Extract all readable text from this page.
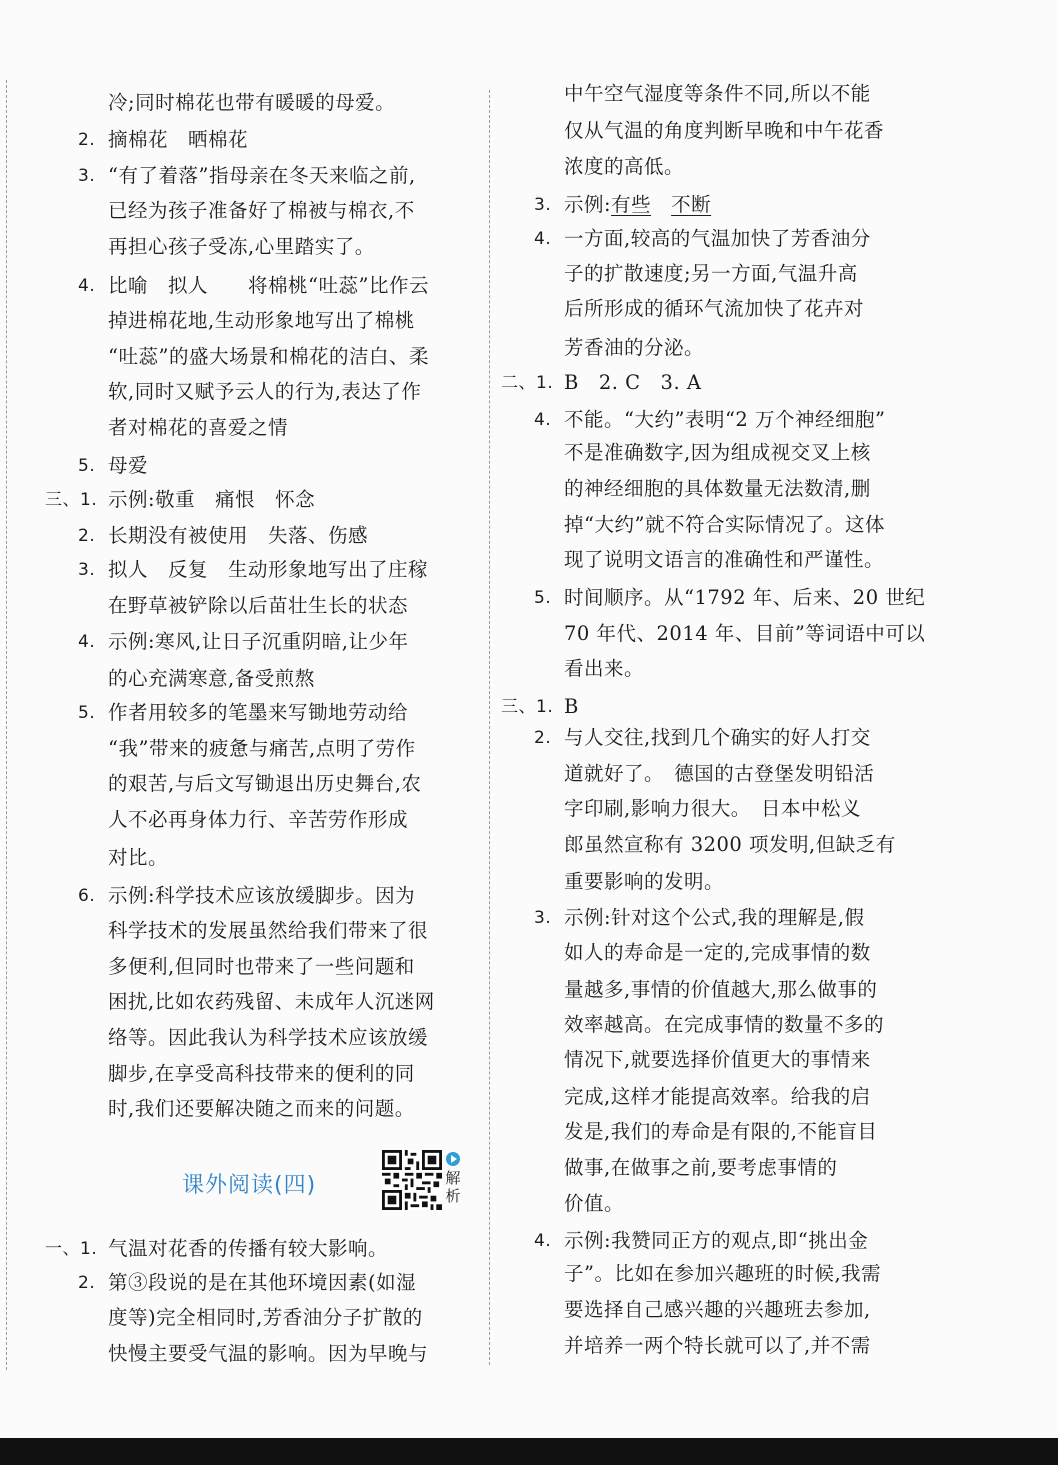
课外阅读(四)	解
析
冷;同时棉花也带有暖暖的母爱。
2. 摘棉花　晒棉花
3. “有了着落”指母亲在冬天来临之前,
已经为孩子准备好了棉被与棉衣,不
再担心孩子受冻,心里踏实了。
4. 比喻　拟人　　将棉桃“吐蕊”比作云
掉进棉花地,生动形象地写出了棉桃
“吐蕊”的盛大场景和棉花的洁白、柔
软,同时又赋予云人的行为,表达了作
者对棉花的喜爱之情
5. 母爱
三、1. 示例:敬重　痛恨　怀念
2. 长期没有被使用　失落、伤感
3. 拟人　反复　生动形象地写出了庄稼
在野草被铲除以后苗壮生长的状态
4. 示例:寒风,让日子沉重阴暗,让少年
的心充满寒意,备受煎熬
5. 作者用较多的笔墨来写锄地劳动给
“我”带来的疲惫与痛苦,点明了劳作
的艰苦,与后文写锄退出历史舞台,农
人不必再身体力行、辛苦劳作形成
对比。
6. 示例:科学技术应该放缓脚步。因为
科学技术的发展虽然给我们带来了很
多便利,但同时也带来了一些问题和
困扰,比如农药残留、未成年人沉迷网
络等。因此我认为科学技术应该放缓
脚步,在享受高科技带来的便利的同
时,我们还要解决随之而来的问题。
一、1. 气温对花香的传播有较大影响。
2. 第③段说的是在其他环境因素(如湿
度等)完全相同时,芳香油分子扩散的
快慢主要受气温的影响。因为早晚与
中午空气湿度等条件不同,所以不能
仅从气温的角度判断早晚和中午花香
浓度的高低。
3. 示例:有些　 不断
4. 一方面,较高的气温加快了芳香油分
子的扩散速度;另一方面,气温升高
后所形成的循环气流加快了花卉对
芳香油的分泌。
二、1. B　2. C　3. A
4. 不能。“大约”表明“2 万个神经细胞”
不是准确数字,因为组成视交叉上核
的神经细胞的具体数量无法数清,删
掉“大约”就不符合实际情况了。这体
现了说明文语言的准确性和严谨性。
5. 时间顺序。从“1792 年、后来、20 世纪
70 年代、2014 年、目前”等词语中可以
看出来。
三、1. B
2. 与人交往,找到几个确实的好人打交
道就好了。　德国的古登堡发明铅活
字印刷,影响力很大。　日本中松义
郎虽然宣称有 3200 项发明,但缺乏有
重要影响的发明。
3. 示例:针对这个公式,我的理解是,假
如人的寿命是一定的,完成事情的数
量越多,事情的价值越大,那么做事的
效率越高。在完成事情的数量不多的
情况下,就要选择价值更大的事情来
完成,这样才能提高效率。给我的启
发是,我们的寿命是有限的,不能盲目
做事,在做事之前,要考虑事情的
价值。
4. 示例:我赞同正方的观点,即“挑出金
子”。比如在参加兴趣班的时候,我需
要选择自己感兴趣的兴趣班去参加,
并培养一两个特长就可以了,并不需
